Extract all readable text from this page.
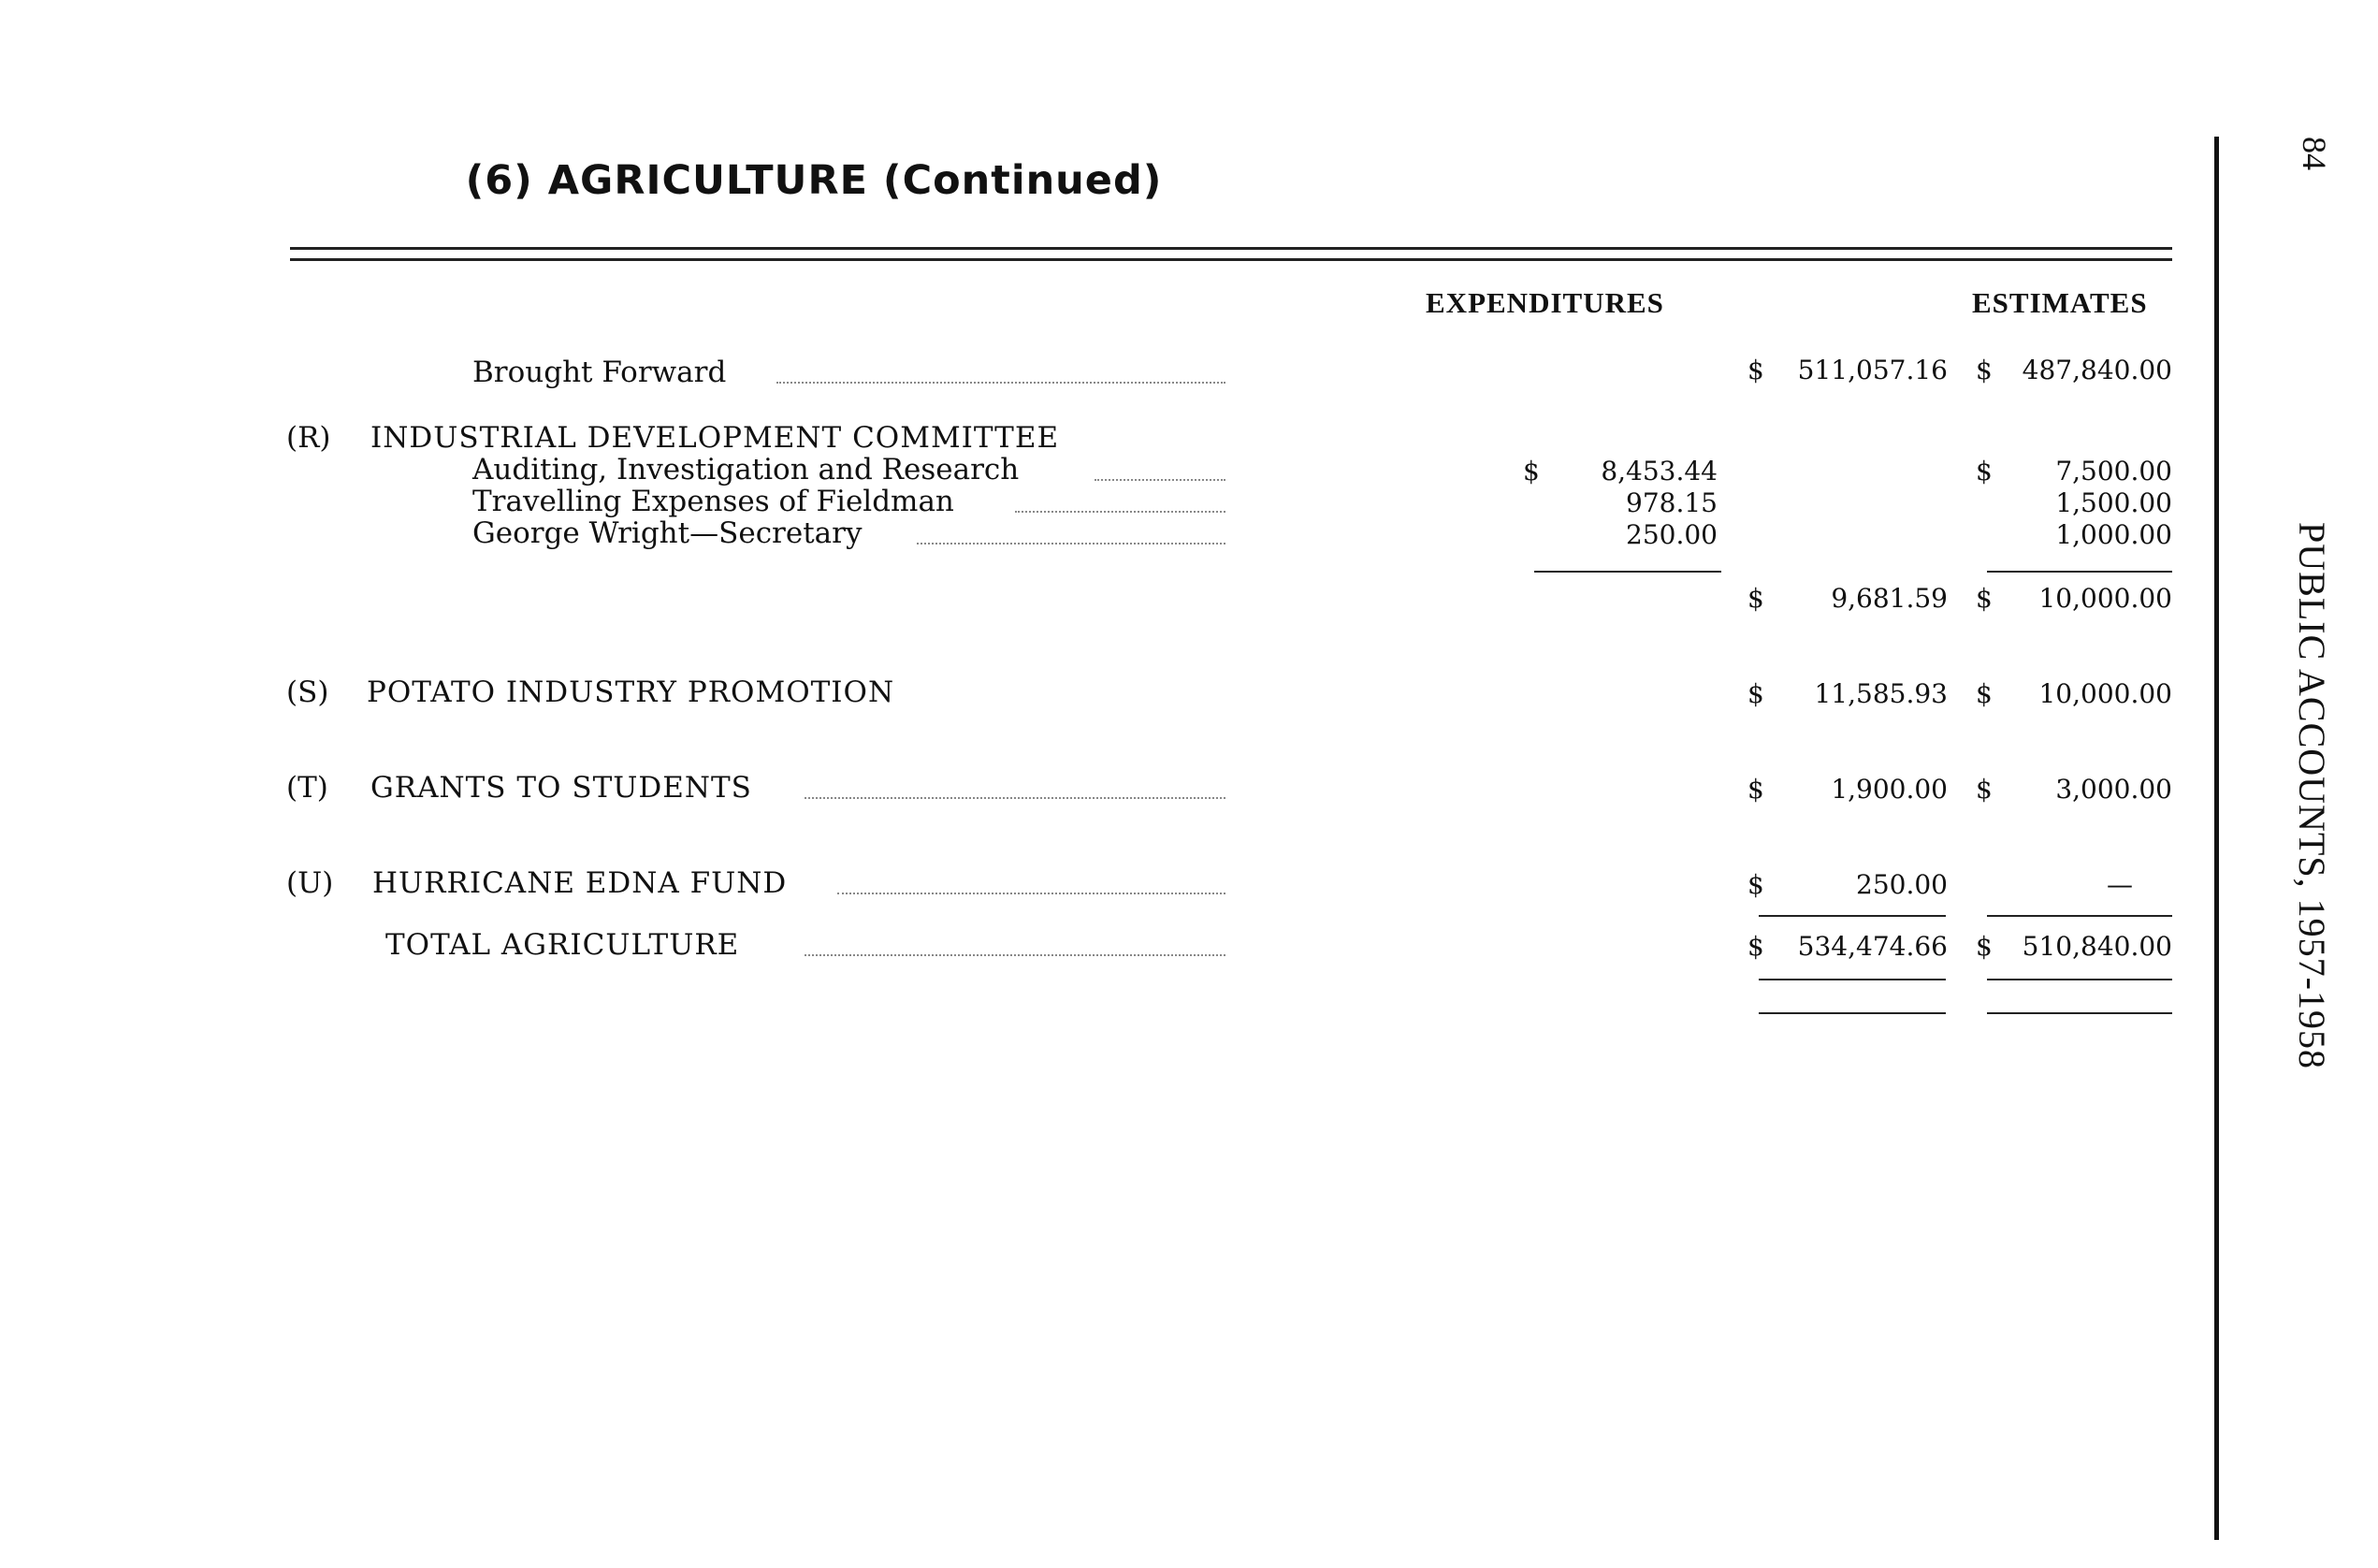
(6) AGRICULTURE (Continued)
EXPENDITURES	ESTIMATES
Brought Forward	$	511,057.16 $	487,840.00
(R) INDUSTRIAL DEVELOPMENT COMMITTEE
Auditing, Investigation and Research	$	8,453.44	$	7,500.00
Travelling Expenses of Fieldman	978.15	1,500.00
George Wright—Secretary	250.00	1,000.00
$	9,681.59 $	10,000.00
(S) POTATO INDUSTRY PROMOTION	$	11,585.93 $	10,000.00
(T) GRANTS TO STUDENTS	$	1,900.00 $	3,000.00
(U) HURRICANE EDNA FUND	$	250.00	—
TOTAL AGRICULTURE	$	534,474.66 $	510,840.00
84
PUBLIC ACCOUNTS, 1957-1958
